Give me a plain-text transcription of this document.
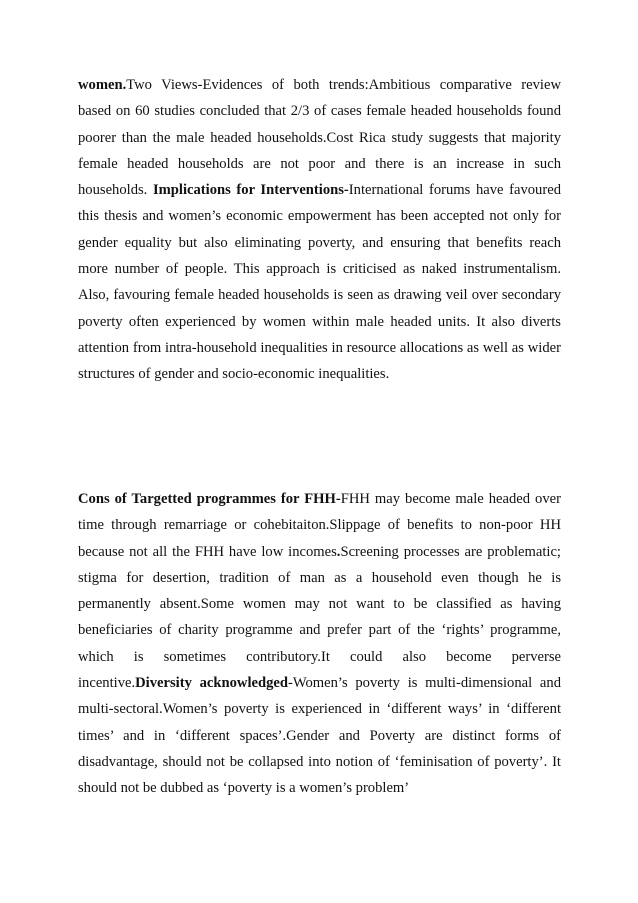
women.Two Views-Evidences of both trends:Ambitious comparative review based on 60 studies concluded that 2/3 of cases female headed households found poorer than the male headed households.Cost Rica study suggests that majority female headed households are not poor and there is an increase in such households. Implications for Interventions-International forums have favoured this thesis and women’s economic empowerment has been accepted not only for gender equality but also eliminating poverty, and ensuring that benefits reach more number of people. This approach is criticised as naked instrumentalism. Also, favouring female headed households is seen as drawing veil over secondary poverty often experienced by women within male headed units. It also diverts attention from intra-household inequalities in resource allocations as well as wider structures of gender and socio-economic inequalities.

Cons of Targetted programmes for FHH-FHH may become male headed over time through remarriage or cohebitaiton.Slippage of benefits to non-poor HH because not all the FHH have low incomes.Screening processes are problematic; stigma for desertion, tradition of man as a household even though he is permanently absent.Some women may not want to be classified as having beneficiaries of charity programme and prefer part of the ‘rights’ programme, which is sometimes contributory.It could also become perverse incentive.Diversity acknowledged-Women’s poverty is multi-dimensional and multi-sectoral.Women’s poverty is experienced in ‘different ways’ in ‘different times’ and in ‘different spaces’.Gender and Poverty are distinct forms of disadvantage, should not be collapsed into notion of ‘feminisation of poverty’. It should not be dubbed as ‘poverty is a women’s problem’
